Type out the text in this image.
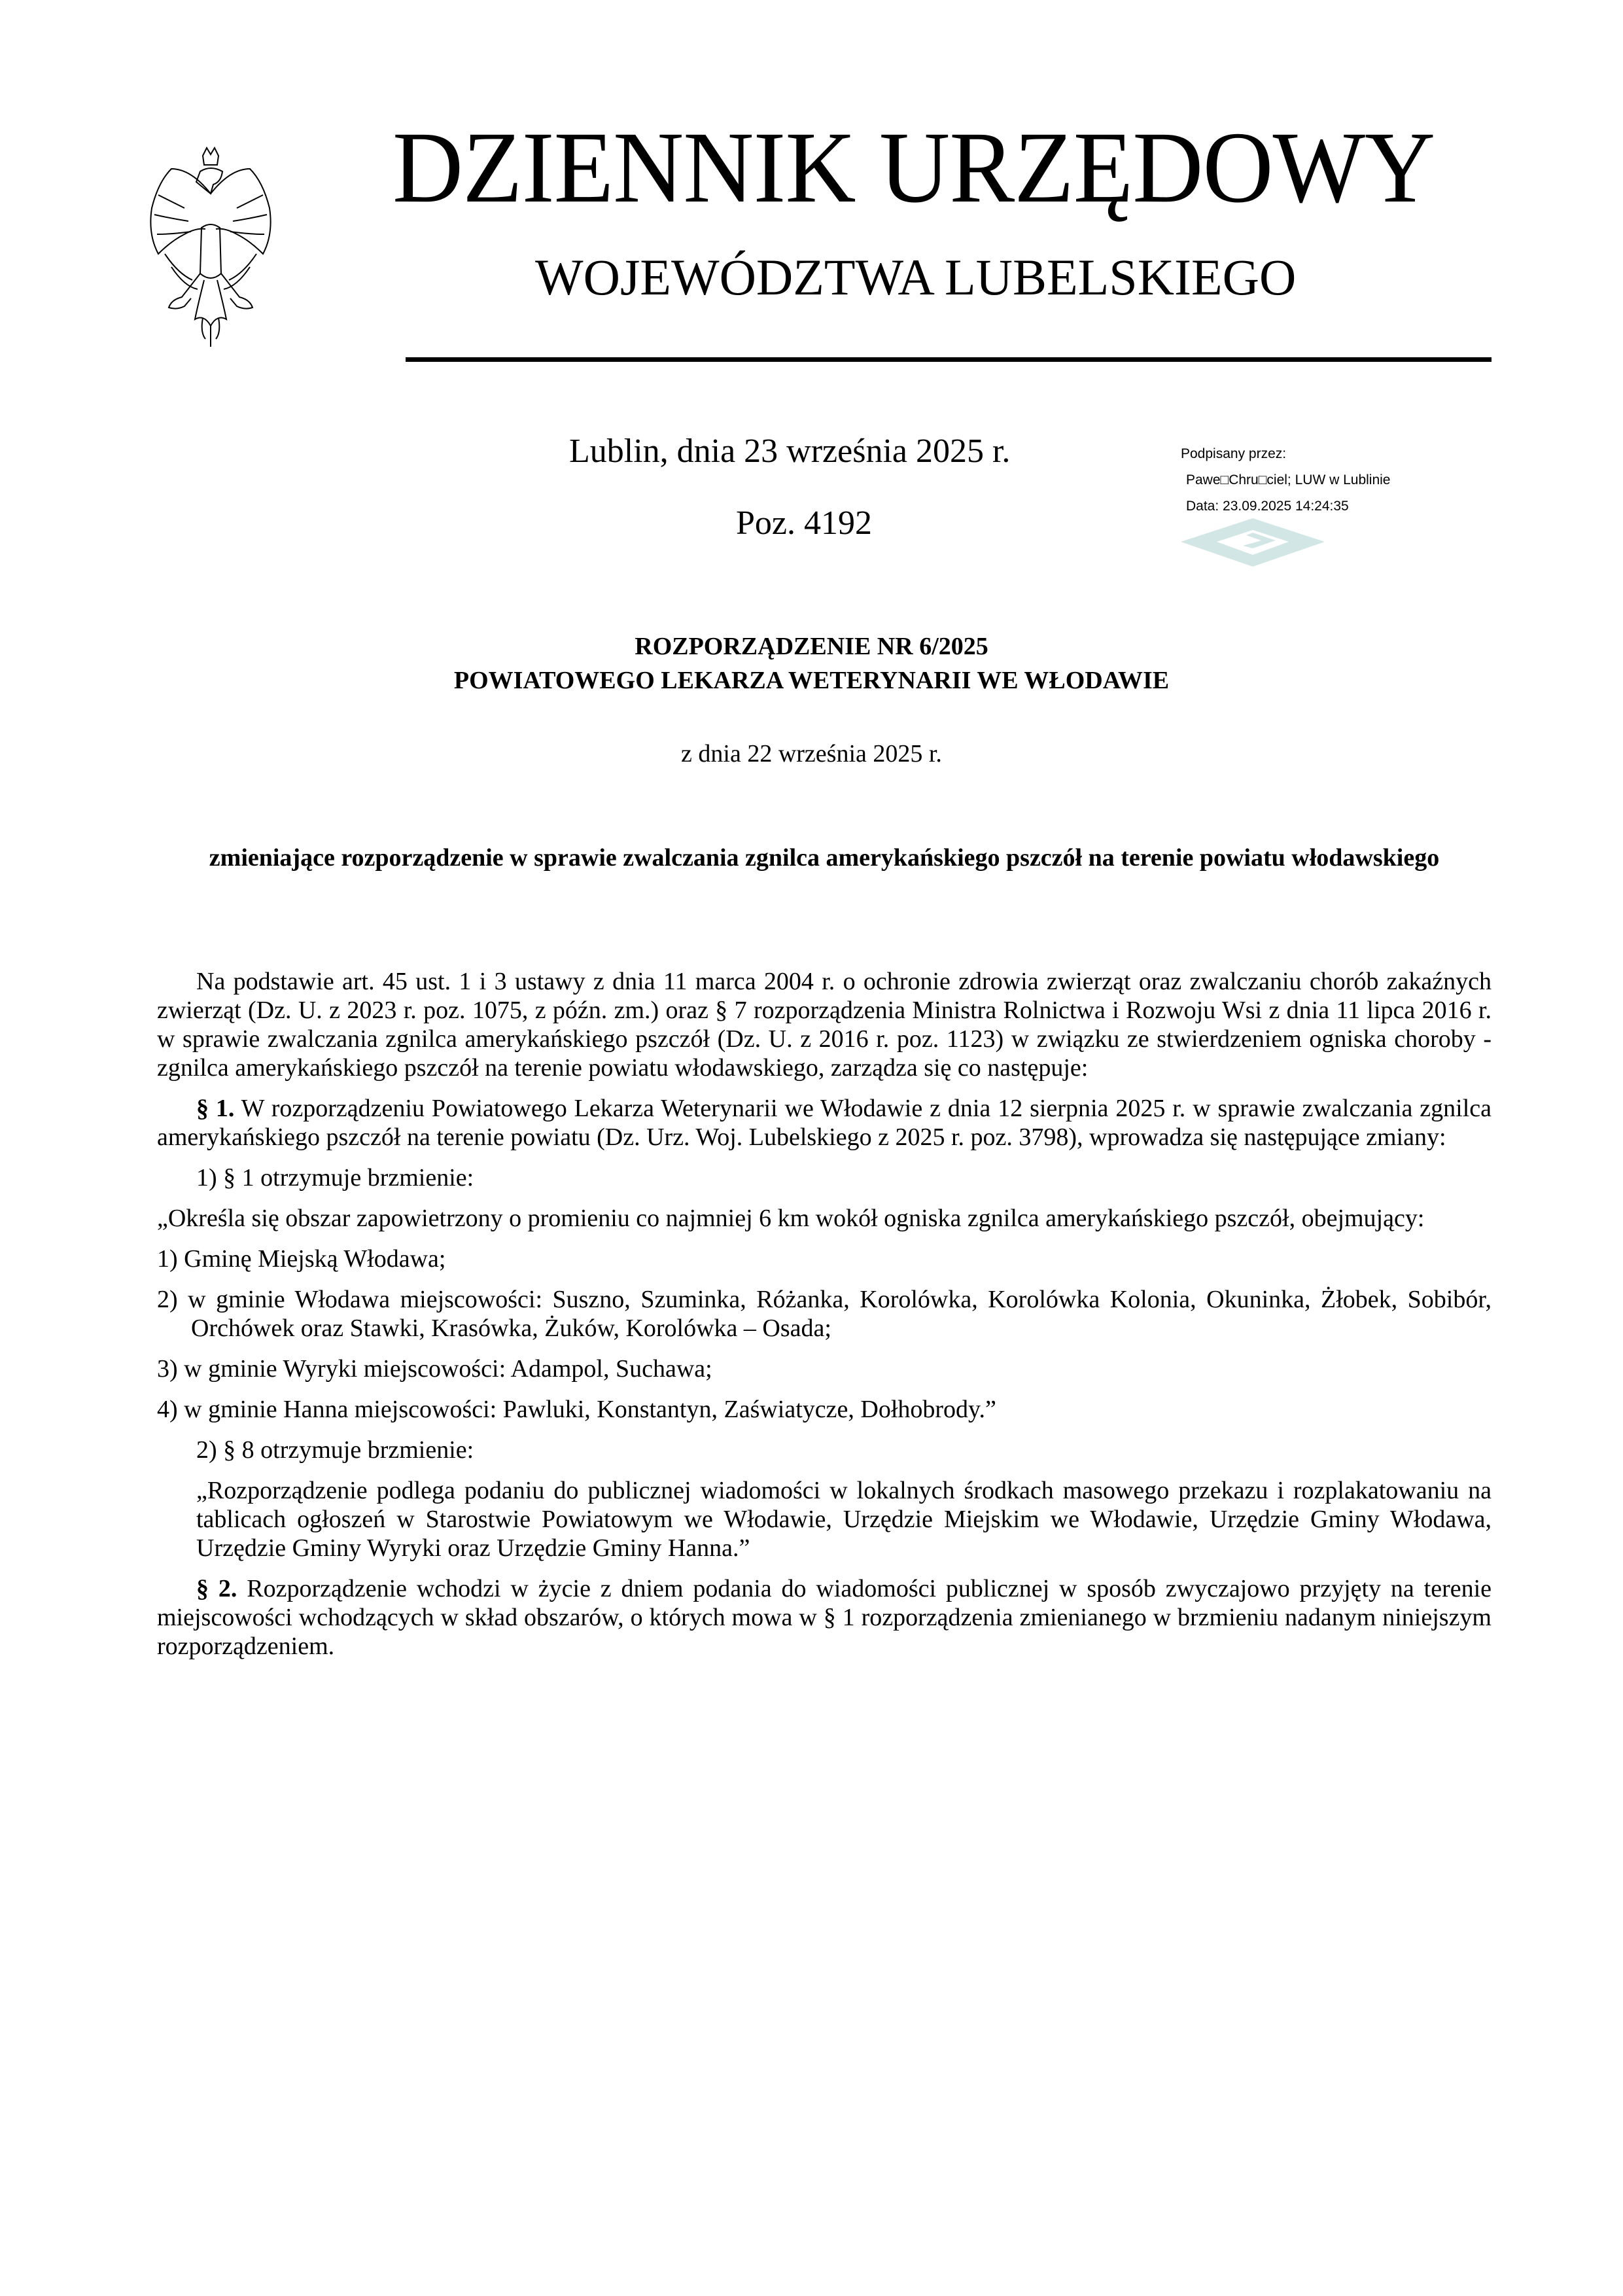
DZIENNIK URZĘDOWY
WOJEWÓDZTWA LUBELSKIEGO
Lublin, dnia 23 września 2025 r.
Poz. 4192
Podpisany przez:
Pawe□Chru□ciel; LUW w Lublinie
Data: 23.09.2025 14:24:35
ROZPORZĄDZENIE NR 6/2025
POWIATOWEGO LEKARZA WETERYNARII WE WŁODAWIE
z dnia 22 września 2025 r.
zmieniające rozporządzenie w sprawie zwalczania zgnilca amerykańskiego pszczół na terenie powiatu włodawskiego

Na podstawie art. 45 ust. 1 i 3 ustawy z dnia 11 marca 2004 r. o ochronie zdrowia zwierząt oraz zwalczaniu chorób zakaźnych zwierząt (Dz. U. z 2023 r. poz. 1075, z późn. zm.) oraz § 7 rozporządzenia Ministra Rolnictwa i Rozwoju Wsi z dnia 11 lipca 2016 r. w sprawie zwalczania zgnilca amerykańskiego pszczół (Dz. U. z 2016 r. poz. 1123) w związku ze stwierdzeniem ogniska choroby - zgnilca amerykańskiego pszczół na terenie powiatu włodawskiego, zarządza się co następuje:

§ 1. W rozporządzeniu Powiatowego Lekarza Weterynarii we Włodawie z dnia 12 sierpnia 2025 r. w sprawie zwalczania zgnilca amerykańskiego pszczół na terenie powiatu (Dz. Urz. Woj. Lubelskiego z 2025 r. poz. 3798), wprowadza się następujące zmiany:

1) § 1 otrzymuje brzmienie:

„Określa się obszar zapowietrzony o promieniu co najmniej 6 km wokół ogniska zgnilca amerykańskiego pszczół, obejmujący:

1) Gminę Miejską Włodawa;

2) w gminie Włodawa miejscowości: Suszno, Szuminka, Różanka, Korolówka, Korolówka Kolonia, Okuninka, Żłobek, Sobibór, Orchówek oraz Stawki, Krasówka, Żuków, Korolówka – Osada;

3) w gminie Wyryki miejscowości: Adampol, Suchawa;

4) w gminie Hanna miejscowości: Pawluki, Konstantyn, Zaświatycze, Dołhobrody.”

2) § 8 otrzymuje brzmienie:

„Rozporządzenie podlega podaniu do publicznej wiadomości w lokalnych środkach masowego przekazu i rozplakatowaniu na tablicach ogłoszeń w Starostwie Powiatowym we Włodawie, Urzędzie Miejskim we Włodawie, Urzędzie Gminy Włodawa, Urzędzie Gminy Wyryki oraz Urzędzie Gminy Hanna.”

§ 2. Rozporządzenie wchodzi w życie z dniem podania do wiadomości publicznej w sposób zwyczajowo przyjęty na terenie miejscowości wchodzących w skład obszarów, o których mowa w § 1 rozporządzenia zmienianego w brzmieniu nadanym niniejszym rozporządzeniem.
